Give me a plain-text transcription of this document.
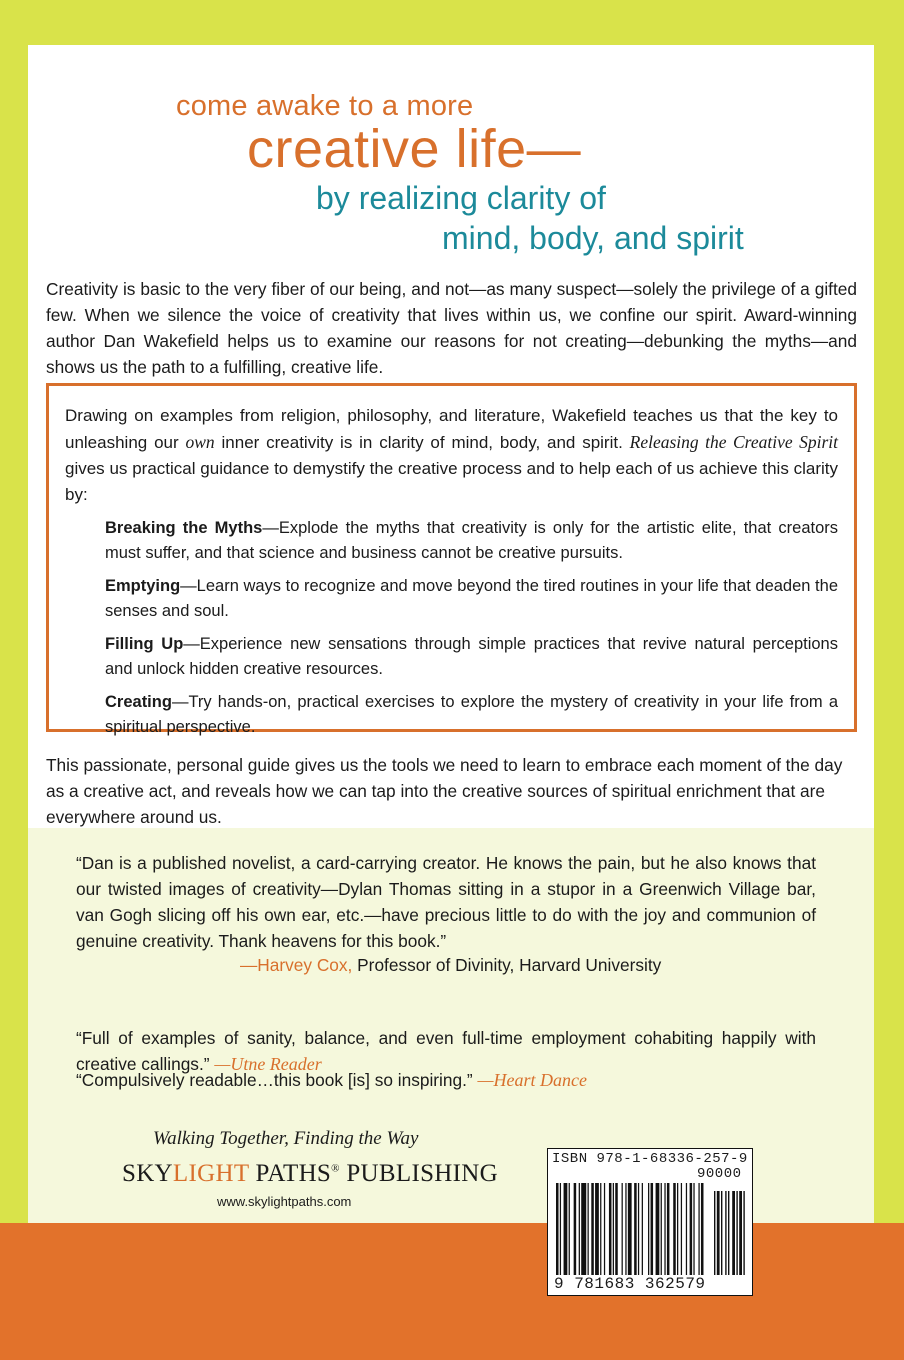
come awake to a more
creative life—
by realizing clarity of
mind, body, and spirit

Creativity is basic to the very fiber of our being, and not—as many suspect—solely the privilege of a gifted few. When we silence the voice of creativity that lives within us, we confine our spirit. Award-winning author Dan Wakefield helps us to examine our reasons for not creating—debunking the myths—and shows us the path to a fulfilling, creative life.

Drawing on examples from religion, philosophy, and literature, Wakefield teaches us that the key to unleashing our own inner creativity is in clarity of mind, body, and spirit. Releasing the Creative Spirit gives us practical guidance to demystify the creative process and to help each of us achieve this clarity by:

Breaking the Myths—Explode the myths that creativity is only for the artistic elite, that creators must suffer, and that science and business cannot be creative pursuits.

Emptying—Learn ways to recognize and move beyond the tired routines in your life that deaden the senses and soul.

Filling Up—Experience new sensations through simple practices that revive natural perceptions and unlock hidden creative resources.

Creating—Try hands-on, practical exercises to explore the mystery of creativity in your life from a spiritual perspective.

This passionate, personal guide gives us the tools we need to learn to embrace each moment of the day as a creative act, and reveals how we can tap into the creative sources of spiritual enrichment that are everywhere around us.

“Dan is a published novelist, a card-carrying creator. He knows the pain, but he also knows that our twisted images of creativity—Dylan Thomas sitting in a stupor in a Greenwich Village bar, van Gogh slicing off his own ear, etc.—have precious little to do with the joy and communion of genuine creativity. Thank heavens for this book.”

—Harvey Cox, Professor of Divinity, Harvard University

“Full of examples of sanity, balance, and even full-time employment cohabiting happily with creative callings.” —Utne Reader

“Compulsively readable…this book [is] so inspiring.” —Heart Dance

Walking Together, Finding the Way
SKYLIGHT PATHS® PUBLISHING
www.skylightpaths.com
ISBN 978-1-68336-257-9
90000
9 781683 362579
